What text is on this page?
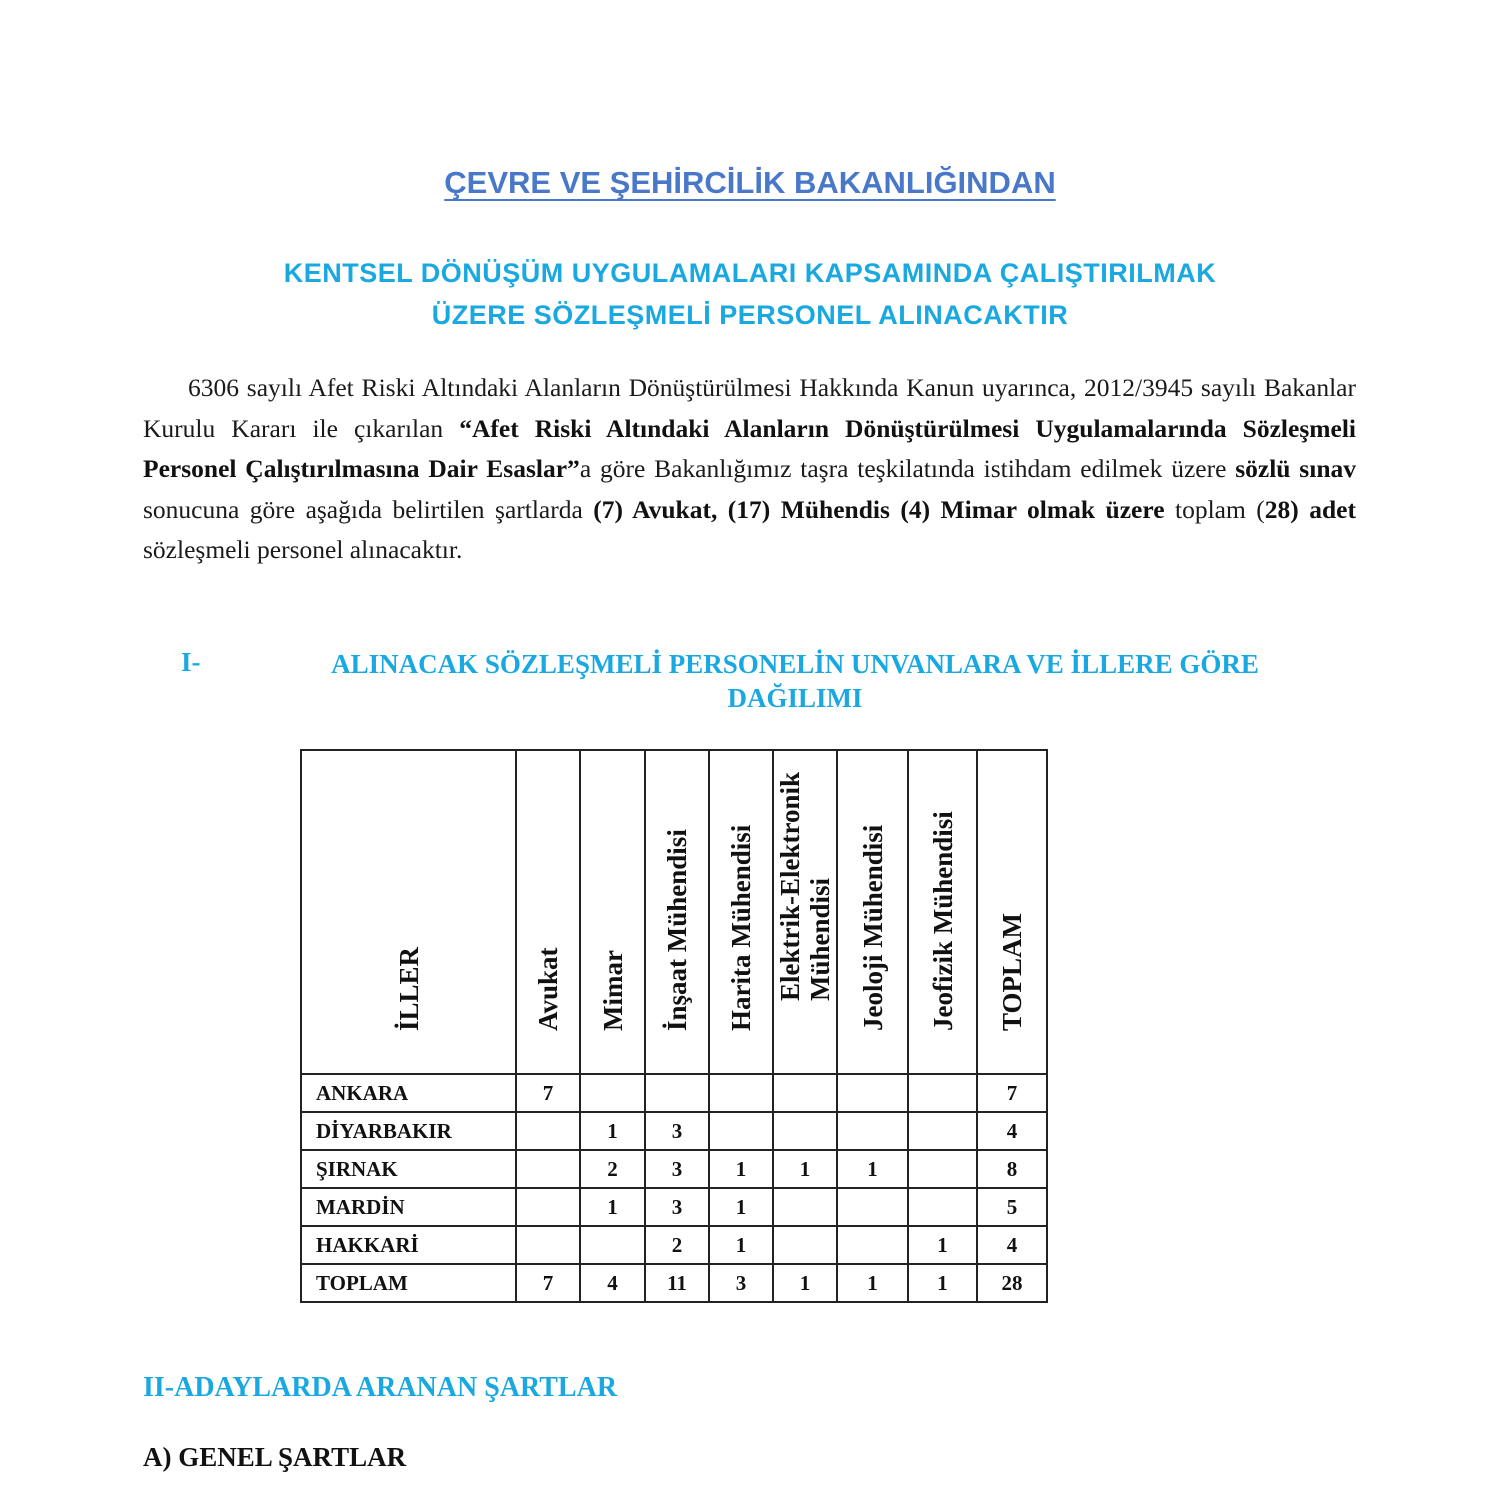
ÇEVRE VE ŞEHİRCİLİK BAKANLIĞINDAN
KENTSEL DÖNÜŞÜM UYGULAMALARI KAPSAMINDA ÇALIŞTIRILMAK
ÜZERE SÖZLEŞMELİ PERSONEL ALINACAKTIR
6306 sayılı Afet Riski Altındaki Alanların Dönüştürülmesi Hakkında Kanun uyarınca, 2012/3945 sayılı Bakanlar Kurulu Kararı ile çıkarılan “Afet Riski Altındaki Alanların Dönüştürülmesi Uygulamalarında Sözleşmeli Personel Çalıştırılmasına Dair Esaslar”a göre Bakanlığımız taşra teşkilatında istihdam edilmek üzere sözlü sınav sonucuna göre aşağıda belirtilen şartlarda (7) Avukat, (17) Mühendis (4) Mimar olmak üzere toplam (28) adet sözleşmeli personel alınacaktır.
I-	ALINACAK SÖZLEŞMELİ PERSONELİN UNVANLARA VE İLLERE GÖRE
DAĞILIMI
İLLER	Avukat	Mimar	İnşaat Mühendisi	Harita Mühendisi	Elektrik-Elektronik Mühendisi	Jeoloji Mühendisi	Jeofizik Mühendisi	TOPLAM

ANKARA	7							7
DİYARBAKIR		1	3					4
ŞIRNAK		2	3	1	1	1		8
MARDİN		1	3	1				5
HAKKARİ			2	1			1	4
TOPLAM	7	4	11	3	1	1	1	28
II-ADAYLARDA ARANAN ŞARTLAR
A) GENEL ŞARTLAR
